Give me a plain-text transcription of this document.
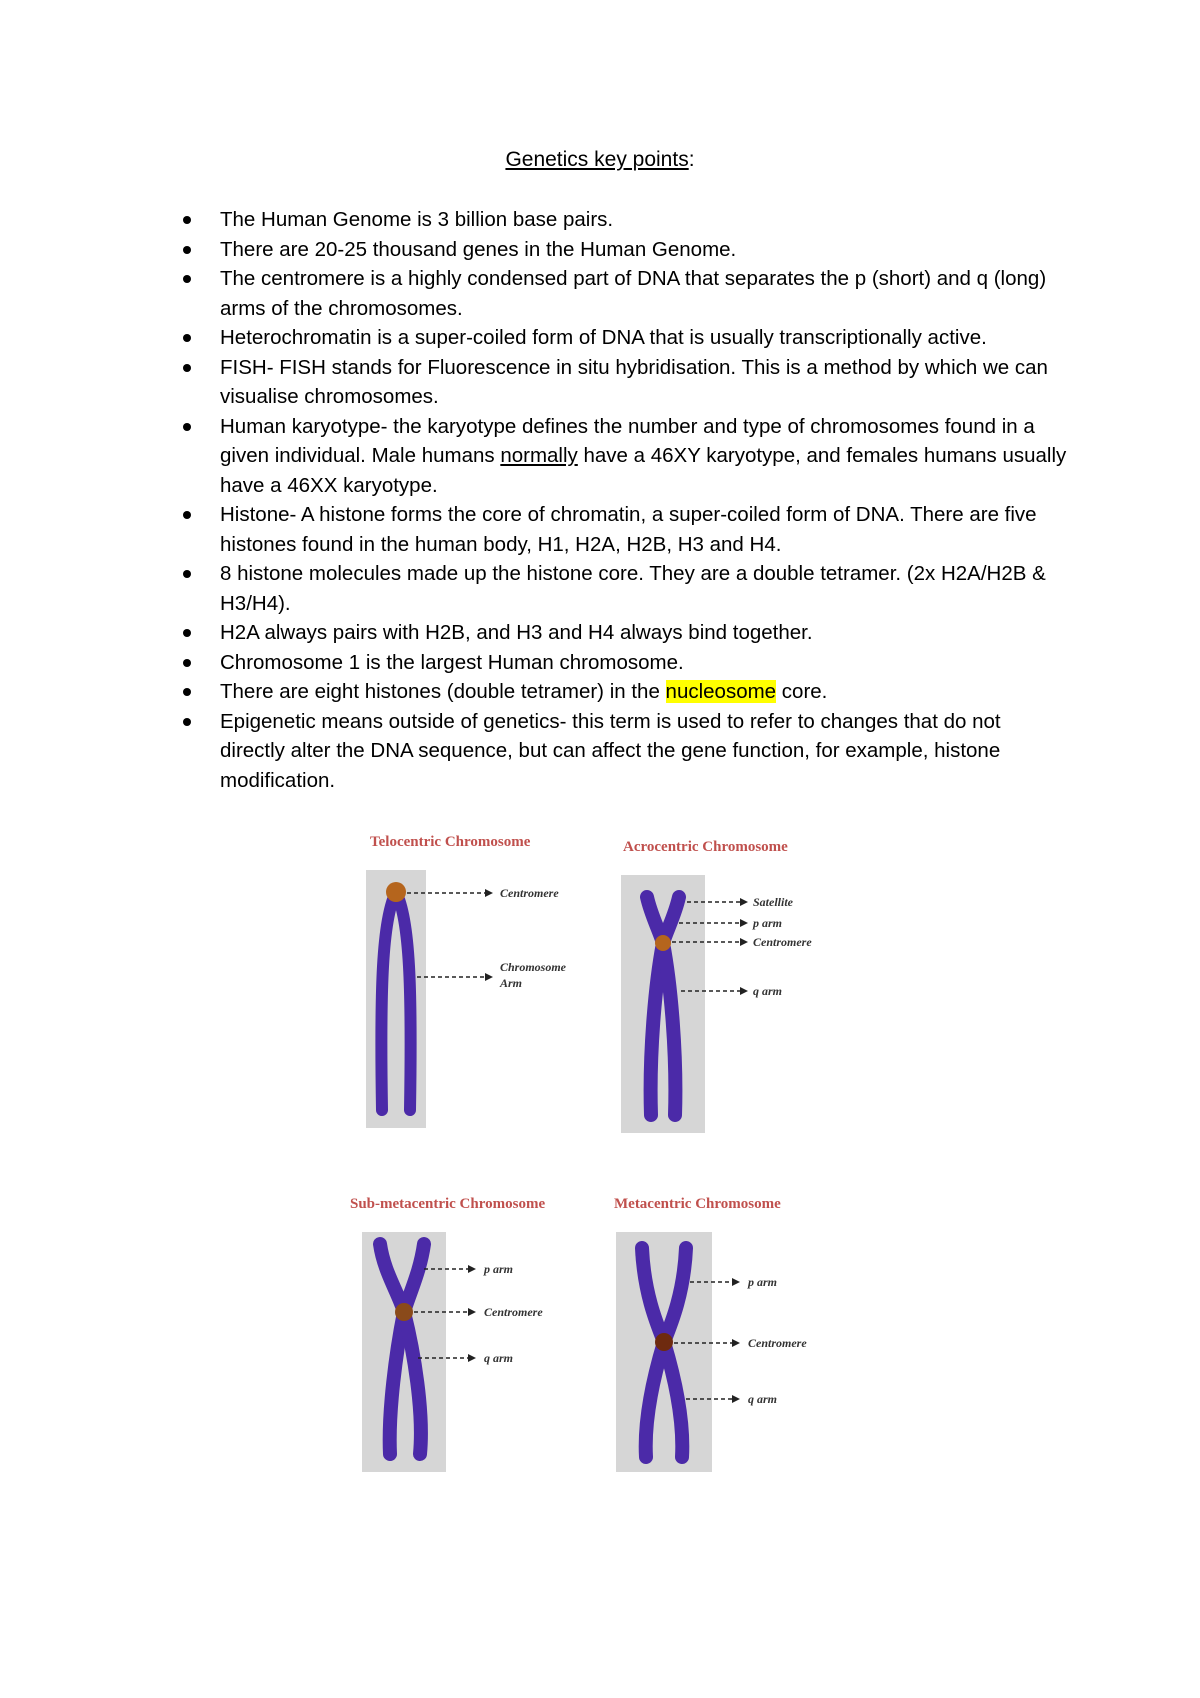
Genetics key points:
The Human Genome is 3 billion base pairs.
There are 20-25 thousand genes in the Human Genome.
The centromere is a highly condensed part of DNA that separates the p (short) and q (long) arms of the chromosomes.
Heterochromatin is a super-coiled form of DNA that is usually transcriptionally active.
FISH- FISH stands for Fluorescence in situ hybridisation. This is a method by which we can visualise chromosomes.
Human karyotype- the karyotype defines the number and type of chromosomes found in a given individual. Male humans normally have a 46XY karyotype, and females humans usually have a 46XX karyotype.
Histone- A histone forms the core of chromatin, a super-coiled form of DNA. There are five histones found in the human body, H1, H2A, H2B, H3 and H4.
8 histone molecules made up the histone core. They are a double tetramer. (2x H2A/H2B & H3/H4).
H2A always pairs with H2B, and H3 and H4 always bind together.
Chromosome 1 is the largest Human chromosome.
There are eight histones (double tetramer) in the nucleosome core.
Epigenetic means outside of genetics- this term is used to refer to changes that do not directly alter the DNA sequence, but can affect the gene function, for example, histone modification.
Telocentric Chromosome
Centromere
Chromosome
Arm
Acrocentric Chromosome
Satellite
p arm
Centromere
q arm
Sub-metacentric Chromosome
p arm
Centromere
q arm
Metacentric Chromosome
p arm
Centromere
q arm
